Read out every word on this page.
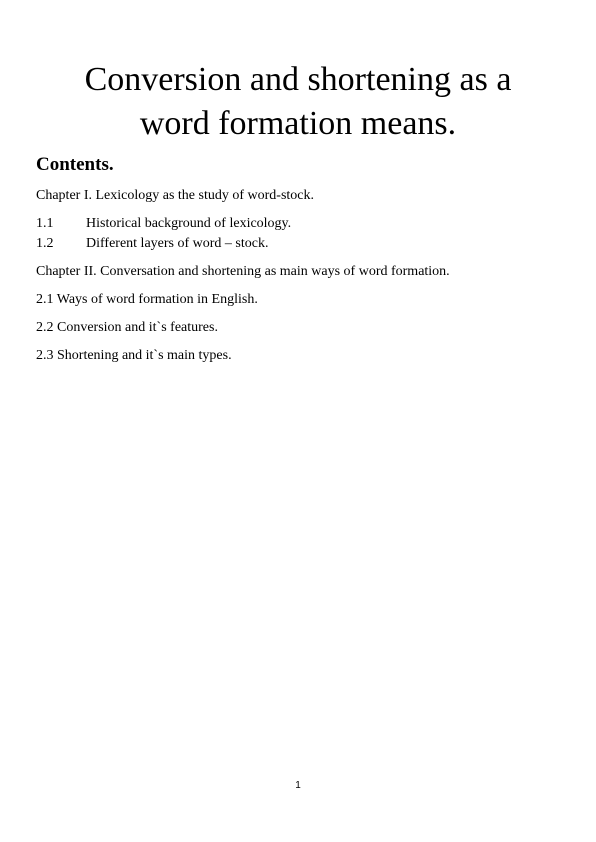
Conversion and shortening as a
word formation means.

Contents.

Chapter I. Lexicology as the study of word-stock.

1.1 Historical background of lexicology.

1.2 Different layers of word – stock.

Chapter II. Conversation and shortening as main ways of word formation.

2.1 Ways of word formation in English.

2.2 Conversion and it`s features.

2.3 Shortening and it`s main types.

1
